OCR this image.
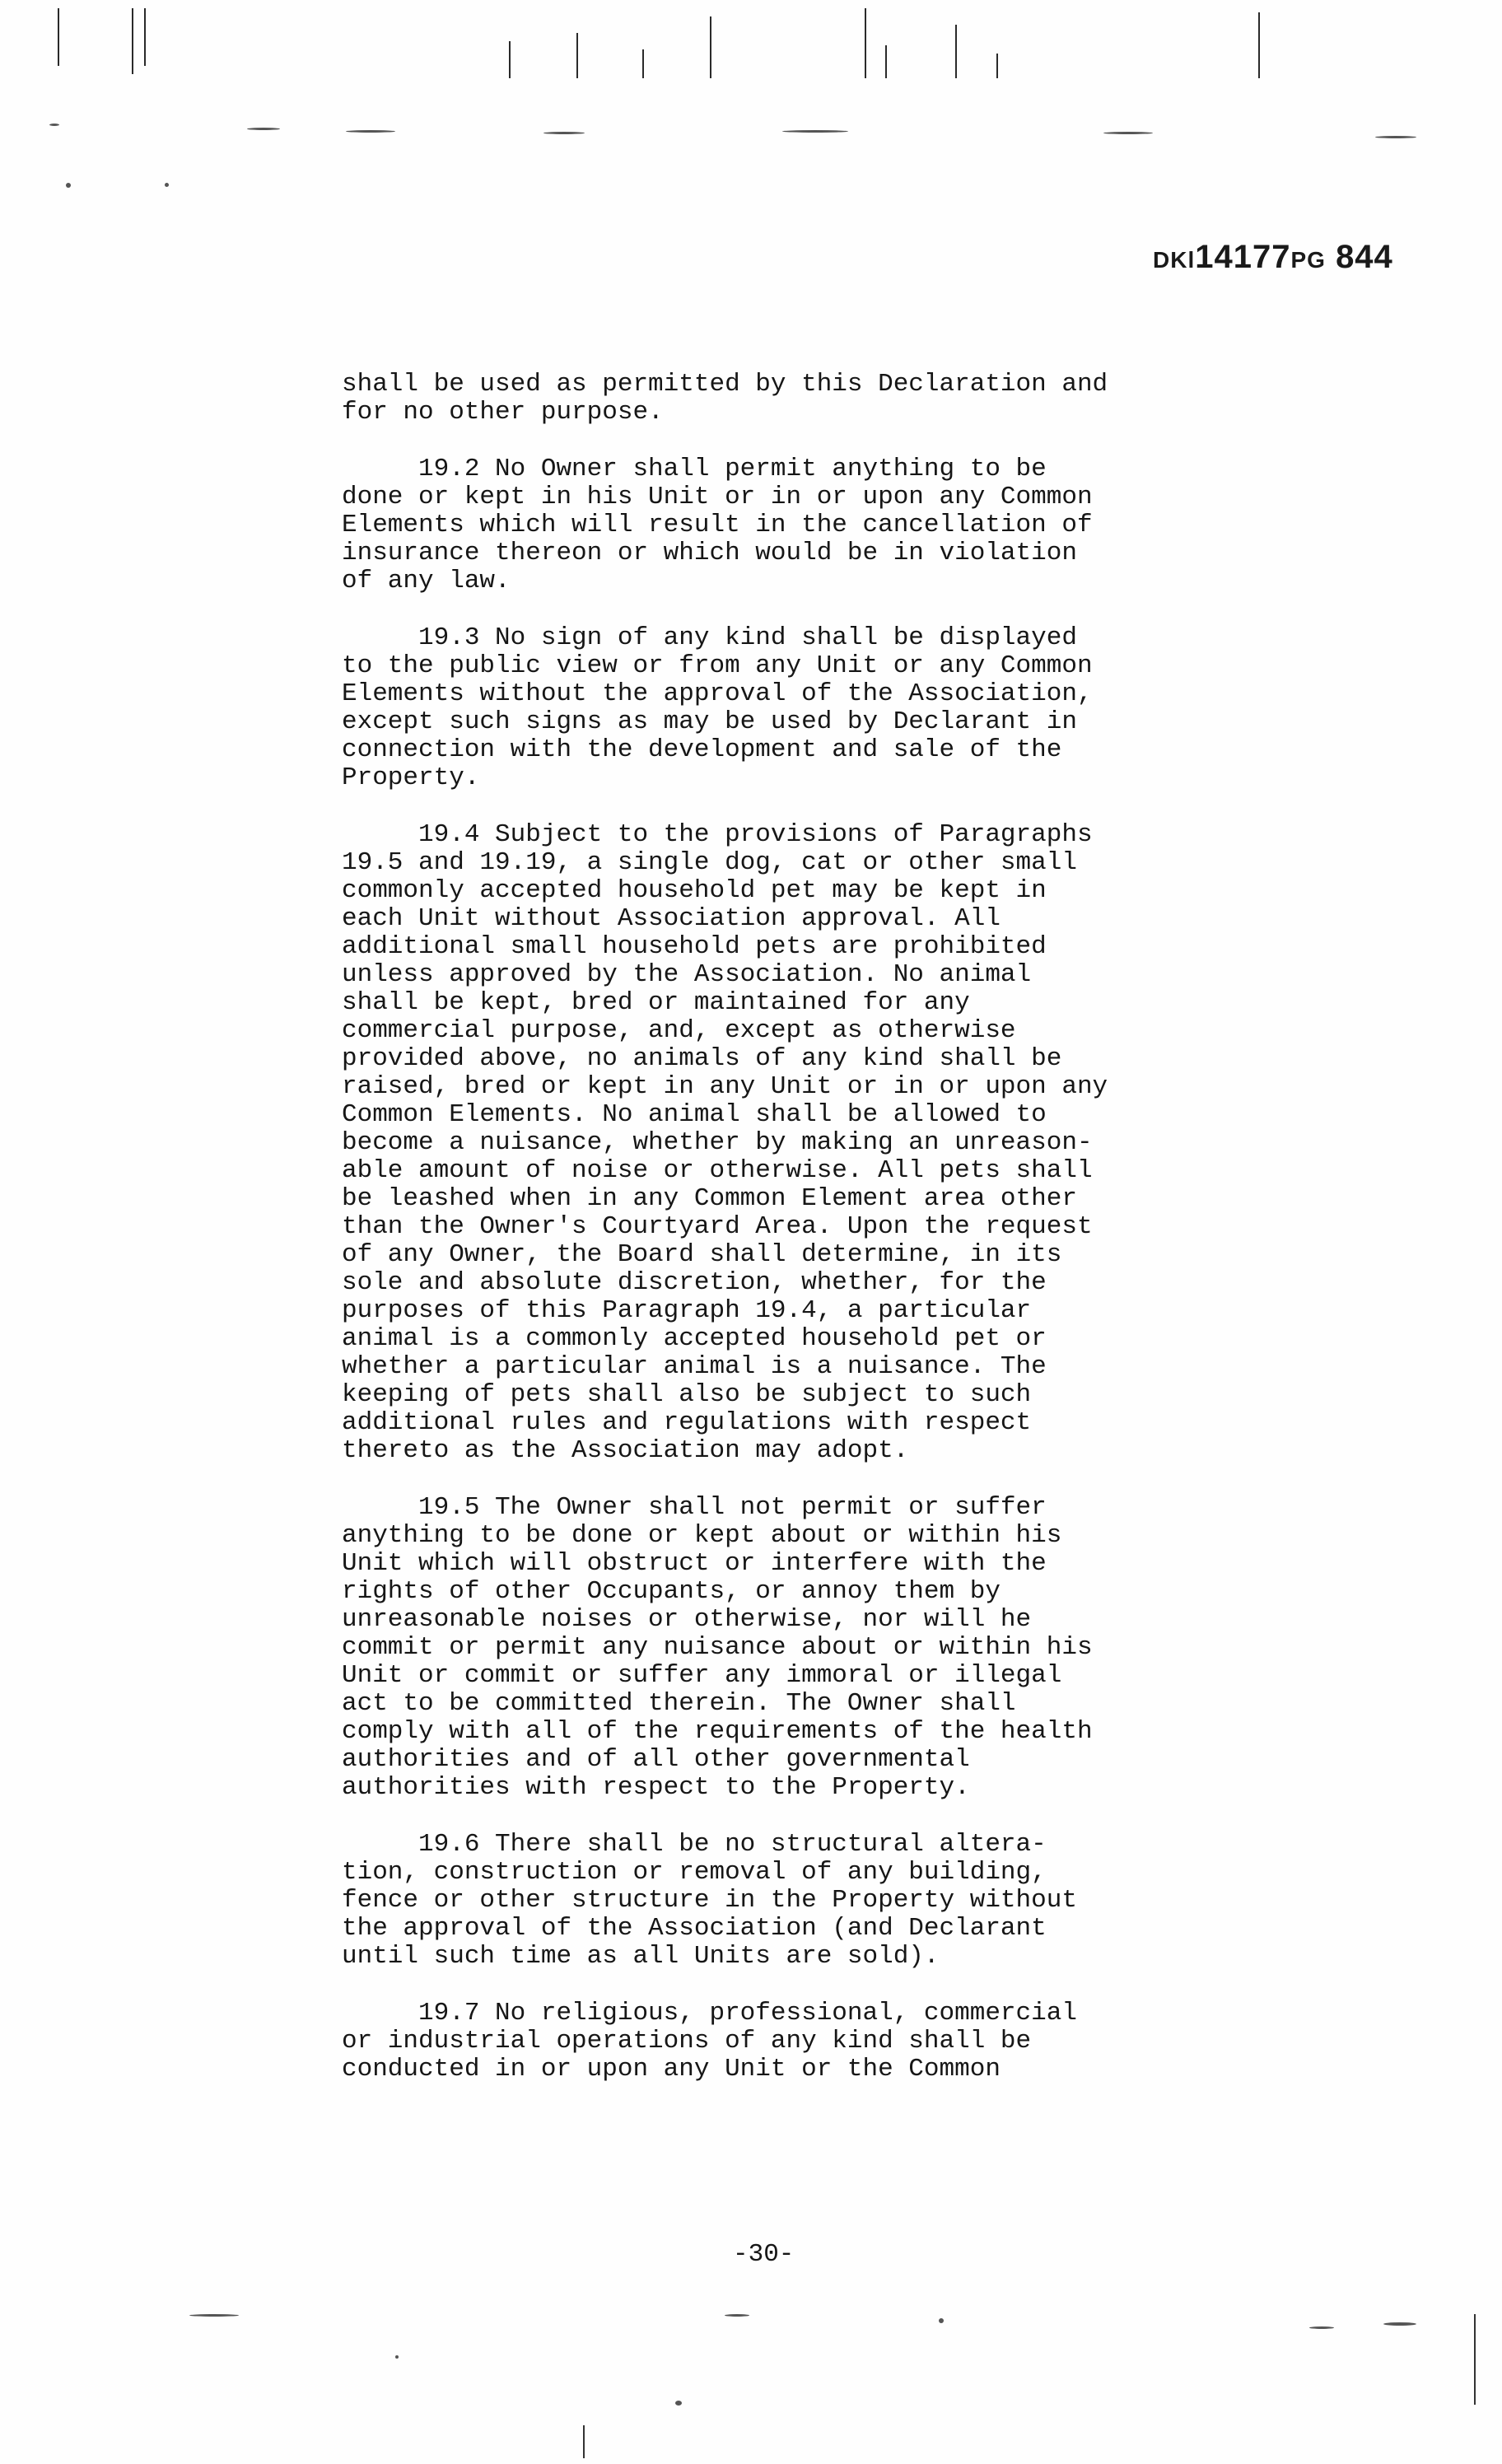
DKl14177PG 844
shall be used as permitted by this Declaration and
for no other purpose.
19.2 No Owner shall permit anything to be
done or kept in his Unit or in or upon any Common
Elements which will result in the cancellation of
insurance thereon or which would be in violation
of any law.
19.3 No sign of any kind shall be displayed
to the public view or from any Unit or any Common
Elements without the approval of the Association,
except such signs as may be used by Declarant in
connection with the development and sale of the
Property.
19.4 Subject to the provisions of Paragraphs
19.5 and 19.19, a single dog, cat or other small
commonly accepted household pet may be kept in
each Unit without Association approval. All
additional small household pets are prohibited
unless approved by the Association. No animal
shall be kept, bred or maintained for any
commercial purpose, and, except as otherwise
provided above, no animals of any kind shall be
raised, bred or kept in any Unit or in or upon any
Common Elements. No animal shall be allowed to
become a nuisance, whether by making an unreason-
able amount of noise or otherwise. All pets shall
be leashed when in any Common Element area other
than the Owner's Courtyard Area. Upon the request
of any Owner, the Board shall determine, in its
sole and absolute discretion, whether, for the
purposes of this Paragraph 19.4, a particular
animal is a commonly accepted household pet or
whether a particular animal is a nuisance. The
keeping of pets shall also be subject to such
additional rules and regulations with respect
thereto as the Association may adopt.
19.5 The Owner shall not permit or suffer
anything to be done or kept about or within his
Unit which will obstruct or interfere with the
rights of other Occupants, or annoy them by
unreasonable noises or otherwise, nor will he
commit or permit any nuisance about or within his
Unit or commit or suffer any immoral or illegal
act to be committed therein. The Owner shall
comply with all of the requirements of the health
authorities and of all other governmental
authorities with respect to the Property.
19.6 There shall be no structural altera-
tion, construction or removal of any building,
fence or other structure in the Property without
the approval of the Association (and Declarant
until such time as all Units are sold).
19.7 No religious, professional, commercial
or industrial operations of any kind shall be
conducted in or upon any Unit or the Common
-30-
